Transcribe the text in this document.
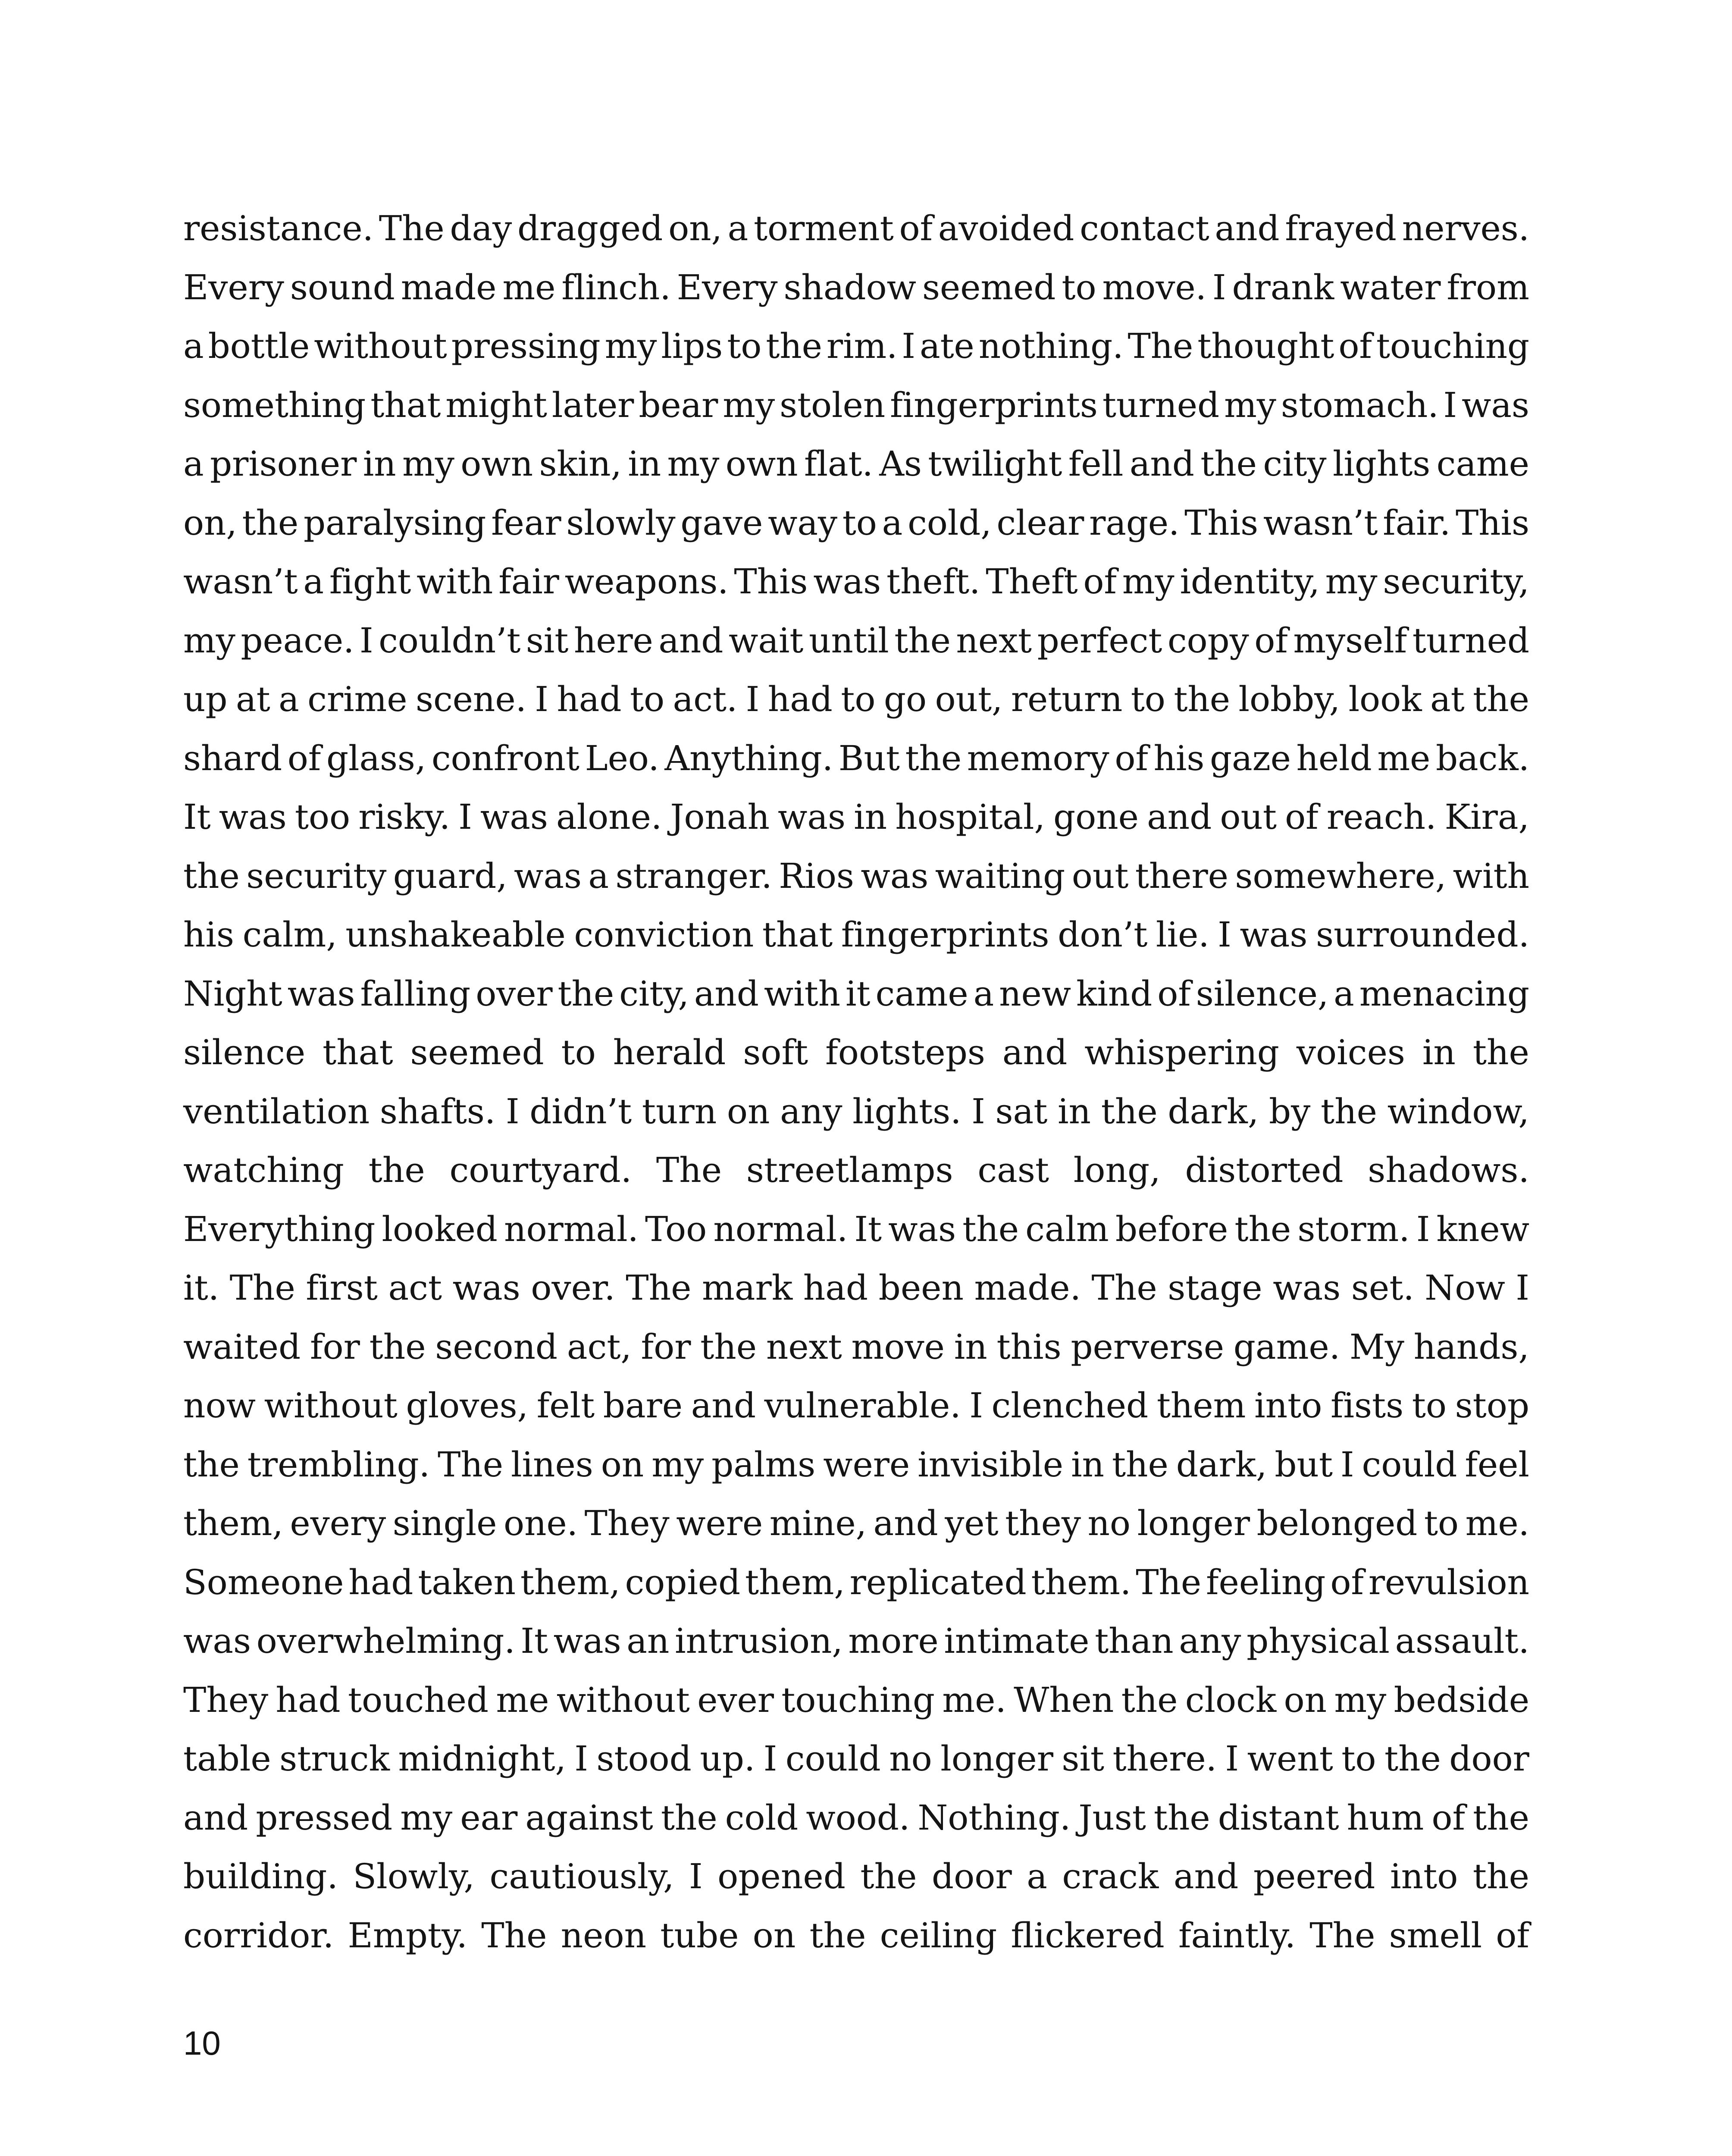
resistance. The day dragged on, a torment of avoided contact and frayed nerves.
Every sound made me flinch. Every shadow seemed to move. I drank water from
a bottle without pressing my lips to the rim. I ate nothing. The thought of touching
something that might later bear my stolen fingerprints turned my stomach. I was
a prisoner in my own skin, in my own flat. As twilight fell and the city lights came
on, the paralysing fear slowly gave way to a cold, clear rage. This wasn’t fair. This
wasn’t a fight with fair weapons. This was theft. Theft of my identity, my security,
my peace. I couldn’t sit here and wait until the next perfect copy of myself turned
up at a crime scene. I had to act. I had to go out, return to the lobby, look at the
shard of glass, confront Leo. Anything. But the memory of his gaze held me back.
It was too risky. I was alone. Jonah was in hospital, gone and out of reach. Kira,
the security guard, was a stranger. Rios was waiting out there somewhere, with
his calm, unshakeable conviction that fingerprints don’t lie. I was surrounded.
Night was falling over the city, and with it came a new kind of silence, a menacing
silence that seemed to herald soft footsteps and whispering voices in the
ventilation shafts. I didn’t turn on any lights. I sat in the dark, by the window,
watching the courtyard. The streetlamps cast long, distorted shadows.
Everything looked normal. Too normal. It was the calm before the storm. I knew
it. The first act was over. The mark had been made. The stage was set. Now I
waited for the second act, for the next move in this perverse game. My hands,
now without gloves, felt bare and vulnerable. I clenched them into fists to stop
the trembling. The lines on my palms were invisible in the dark, but I could feel
them, every single one. They were mine, and yet they no longer belonged to me.
Someone had taken them, copied them, replicated them. The feeling of revulsion
was overwhelming. It was an intrusion, more intimate than any physical assault.
They had touched me without ever touching me. When the clock on my bedside
table struck midnight, I stood up. I could no longer sit there. I went to the door
and pressed my ear against the cold wood. Nothing. Just the distant hum of the
building. Slowly, cautiously, I opened the door a crack and peered into the
corridor. Empty. The neon tube on the ceiling flickered faintly. The smell of
10
